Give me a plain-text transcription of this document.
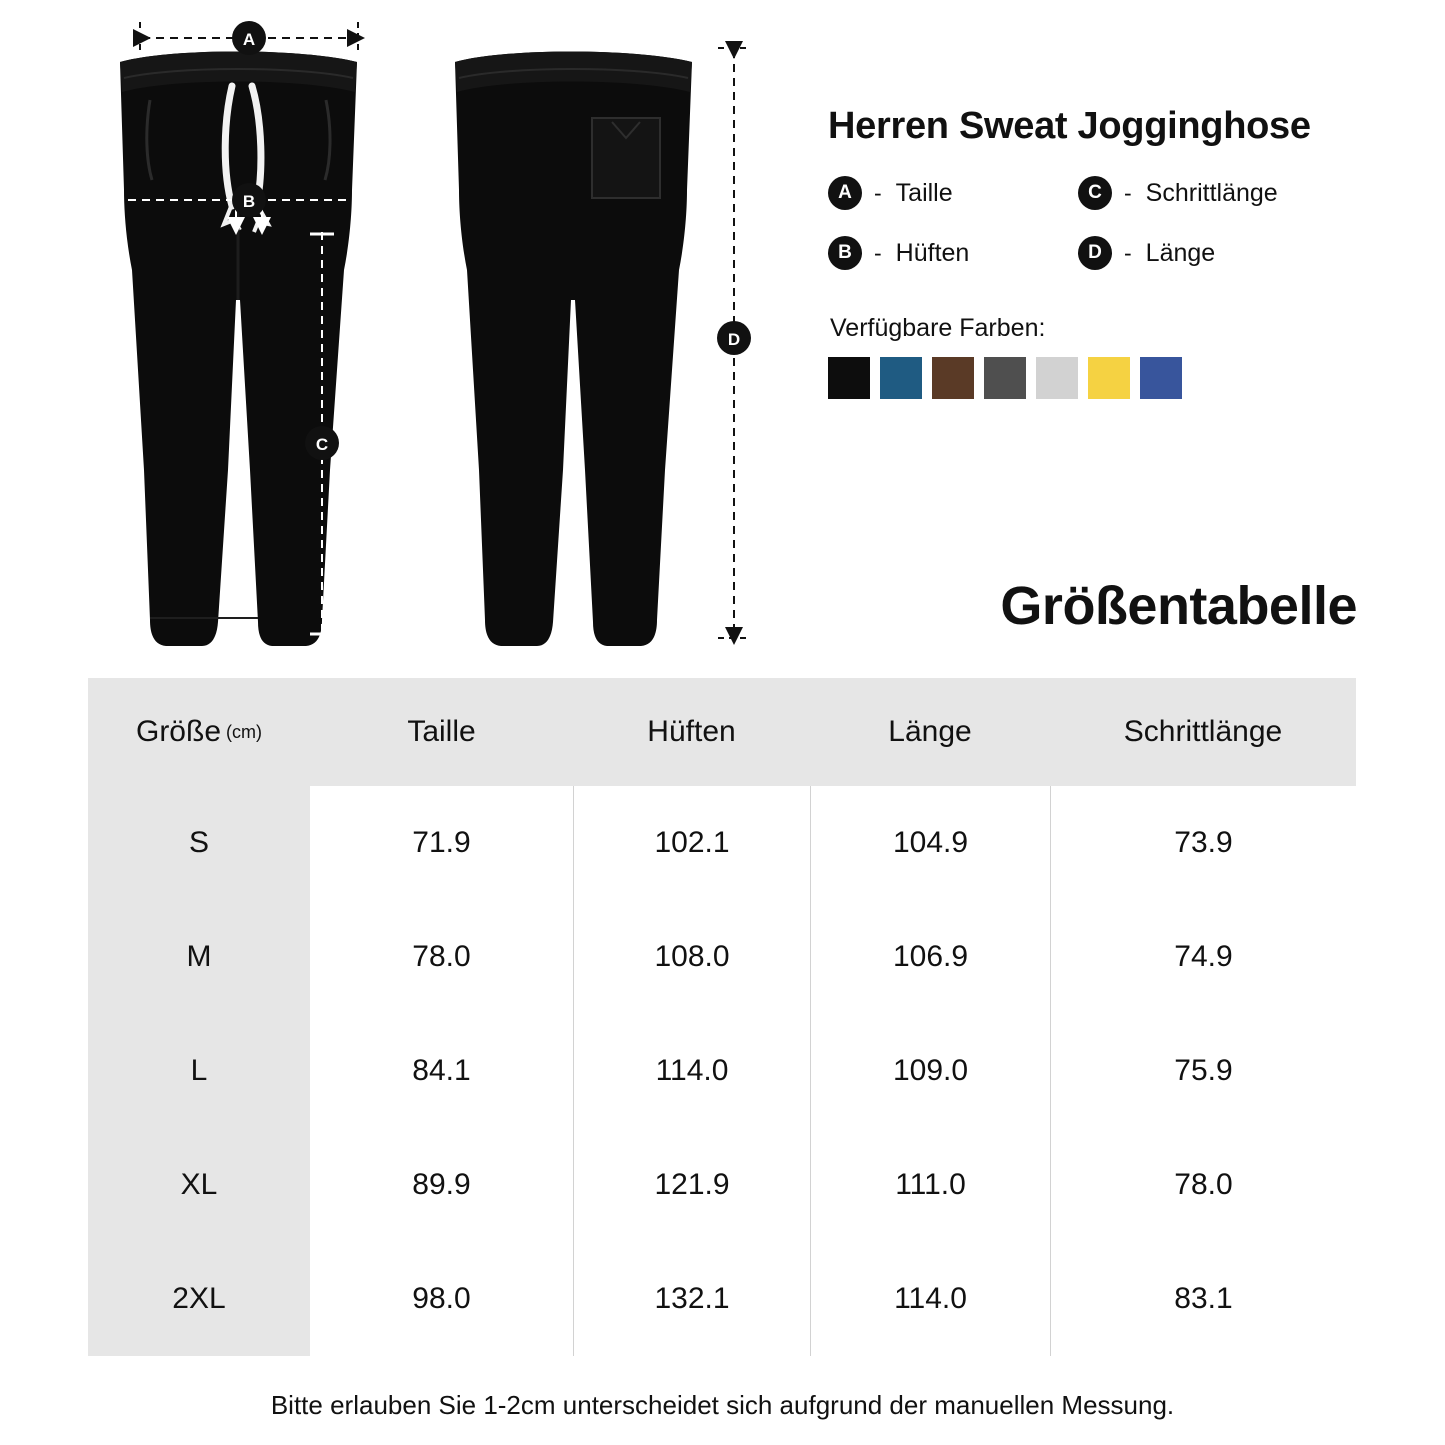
A
B
C
D
Herren Sweat Jogginghose
A - Taille	C - Schrittlänge
B - Hüften	D - Länge
Verfügbare Farben:
Größentabelle
Größe (cm)	Taille	Hüften	Länge	Schrittlänge
S	71.9	102.1	104.9	73.9
M	78.0	108.0	106.9	74.9
L	84.1	114.0	109.0	75.9
XL	89.9	121.9	111.0	78.0
2XL	98.0	132.1	114.0	83.1
Bitte erlauben Sie 1-2cm unterscheidet sich aufgrund der manuellen Messung.
